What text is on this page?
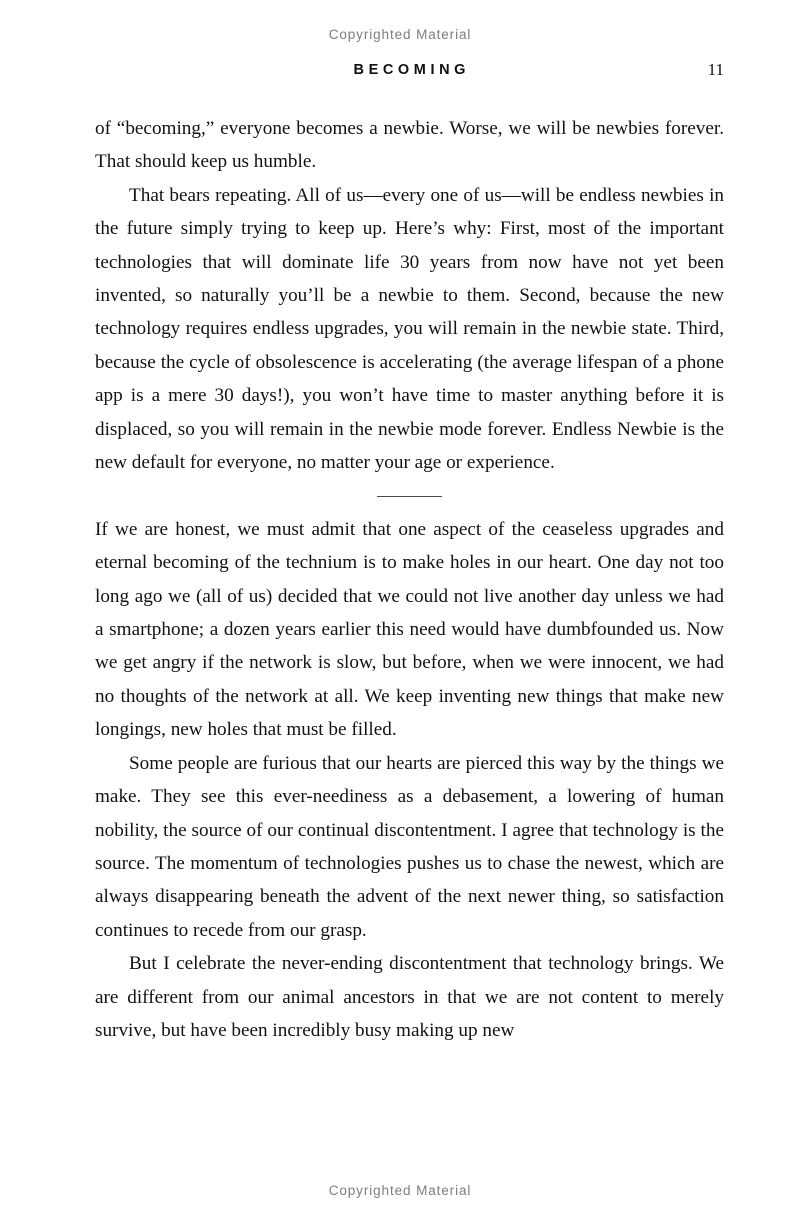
Copyrighted Material
BECOMING	11

of “becoming,” everyone becomes a newbie. Worse, we will be newbies forever. That should keep us humble.

That bears repeating. All of us—every one of us—will be endless newbies in the future simply trying to keep up. Here’s why: First, most of the important technologies that will dominate life 30 years from now have not yet been invented, so naturally you’ll be a newbie to them. Second, because the new technology requires endless upgrades, you will remain in the newbie state. Third, because the cycle of obsolescence is accelerating (the average lifespan of a phone app is a mere 30 days!), you won’t have time to master anything before it is displaced, so you will remain in the newbie mode forever. Endless Newbie is the new default for everyone, no matter your age or experience.

If we are honest, we must admit that one aspect of the ceaseless upgrades and eternal becoming of the technium is to make holes in our heart. One day not too long ago we (all of us) decided that we could not live another day unless we had a smartphone; a dozen years earlier this need would have dumbfounded us. Now we get angry if the network is slow, but before, when we were innocent, we had no thoughts of the network at all. We keep inventing new things that make new longings, new holes that must be filled.

Some people are furious that our hearts are pierced this way by the things we make. They see this ever-neediness as a debasement, a lowering of human nobility, the source of our continual discontentment. I agree that technology is the source. The momentum of technologies pushes us to chase the newest, which are always disappearing beneath the advent of the next newer thing, so satisfaction continues to recede from our grasp.

But I celebrate the never-ending discontentment that technology brings. We are different from our animal ancestors in that we are not content to merely survive, but have been incredibly busy making up new

Copyrighted Material
